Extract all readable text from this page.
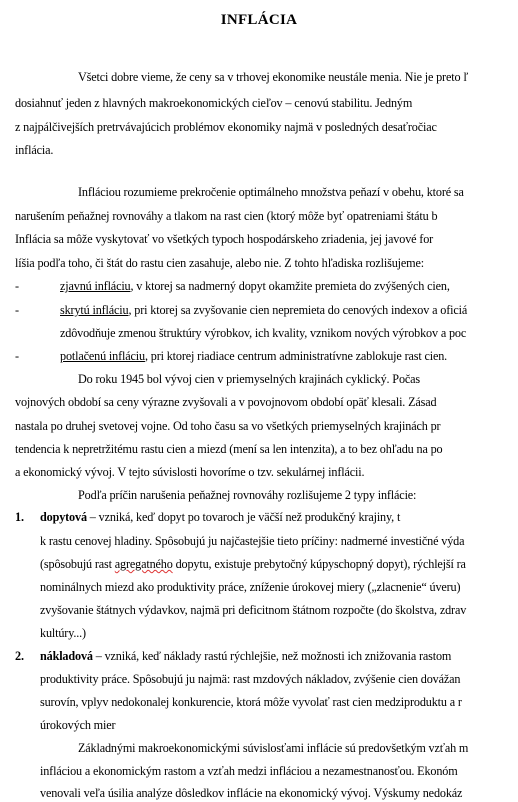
INFLÁCIA
Všetci dobre vieme, že ceny sa v trhovej ekonomike neustále menia. Nie je preto ľ
dosiahnuť jeden z hlavných makroekonomických cieľov – cenovú stabilitu. Jedným
z najpálčivejších pretrvávajúcich problémov ekonomiky najmä v posledných desaťročiac
inflácia.
Infláciou rozumieme prekročenie optimálneho množstva peňazí v obehu, ktoré sa
narušením peňažnej rovnováhy a tlakom na rast cien (ktorý môže byť opatreniami štátu b
Inflácia sa môže vyskytovať vo všetkých typoch hospodárskeho zriadenia, jej javové for
líšia podľa toho, či štát do rastu cien zasahuje, alebo nie. Z tohto hľadiska rozlišujeme:
-	zjavnú infláciu, v ktorej sa nadmerný dopyt okamžite premieta do zvýšených cien,
-	skrytú infláciu, pri ktorej sa zvyšovanie cien nepremieta do cenových indexov a oficiá
zdôvodňuje zmenou štruktúry výrobkov, ich kvality, vznikom nových výrobkov a poc
-	potlačenú infláciu, pri ktorej riadiace centrum administratívne zablokuje rast cien.
Do roku 1945 bol vývoj cien v priemyselných krajinách cyklický. Počas
vojnových období sa ceny výrazne zvyšovali a v povojnovom období opäť klesali. Zásad
nastala po druhej svetovej vojne. Od toho času sa vo všetkých priemyselných krajinách pr
tendencia k nepretržitému rastu cien a miezd (mení sa len intenzita), a to bez ohľadu na po
a ekonomický vývoj. V tejto súvislosti hovoríme o tzv. sekulárnej inflácii.
Podľa príčin narušenia peňažnej rovnováhy rozlišujeme 2 typy inflácie:
1. dopytová – vzniká, keď dopyt po tovaroch je väčší než produkčný krajiny, t
k rastu cenovej hladiny. Spôsobujú ju najčastejšie tieto príčiny: nadmerné investičné výda
(spôsobujú rast agregatného dopytu, existuje prebytočný kúpyschopný dopyt), rýchlejší ra
nominálnych miezd ako produktivity práce, zníženie úrokovej miery („zlacnenie“ úveru)
zvyšovanie štátnych výdavkov, najmä pri deficitnom štátnom rozpočte (do školstva, zdrav
kultúry...)
2. nákladová – vzniká, keď náklady rastú rýchlejšie, než možnosti ich znižovania rastom
produktivity práce. Spôsobujú ju najmä: rast mzdových nákladov, zvýšenie cien dovážan
surovín, vplyv nedokonalej konkurencie, ktorá môže vyvolať rast cien medziproduktu a r
úrokových mier
Základnými makroekonomickými súvislosťami inflácie sú predovšetkým vzťah m
infláciou a ekonomickým rastom a vzťah medzi infláciou a nezamestnanosťou. Ekonóm
venovali veľa úsilia analýze dôsledkov inflácie na ekonomický vývoj. Výskumy nedokáz
